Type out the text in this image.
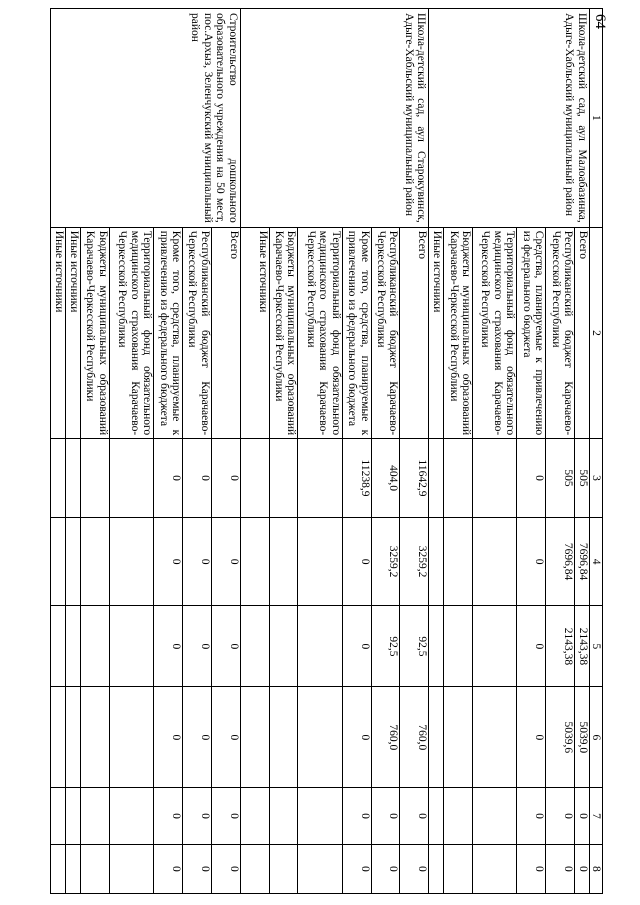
64
1	2	3	4	5	6	7	8
Школа-детский сад, аул Малоабазинка, Адыге-Хабльский муниципальный район	Всего	505	7696,84	2143,38	5039,0	0	0
	Республиканский бюджет Карачаево-Черкесской Республики	505	7696,84	2143,38	5039,6	0	0
	Средства, планируемые к привлечению из федерального бюджета	0	0	0	0	0	0
	Территориальный фонд обязательного медицинского страхования Карачаево-Черкесской Республики						
	Бюджеты муниципальных образований Карачаево-Черкесской Республики						
	Иные источники						
Школа-детский сад, аул Старокувинск, Адыге-Хабльский муниципальный район	Всего	11642,9	3259,2	92,5	760,0	0	0
	Республиканский бюджет Карачаево-Черкесской Республики	404,0	3259,2	92,5	760,0	0	0
	Кроме того, средства, планируемые к привлечению из федерального бюджета	11238,9	0	0	0	0	0
	Территориальный фонд обязательного медицинского страхования Карачаево-Черкесской Республики						
	Бюджеты муниципальных образований Карачаево-Черкесской Республики						
	Иные источники						
Строительство дошкольного образовательного учреждения на 50 мест, пос.Архыз, Зеленчукский муниципальный район	Всего	0	0	0	0	0	0
	Республиканский бюджет Карачаево-Черкесской Республики	0	0	0	0	0	0
	Кроме того, средства, планируемые к привлечению из федерального бюджета	0	0	0	0	0	0
	Территориальный фонд обязательного медицинского страхования Карачаево-Черкесской Республики						
	Бюджеты муниципальных образований Карачаево-Черкесской Республики						
	Иные источники						
	Иные источники						
